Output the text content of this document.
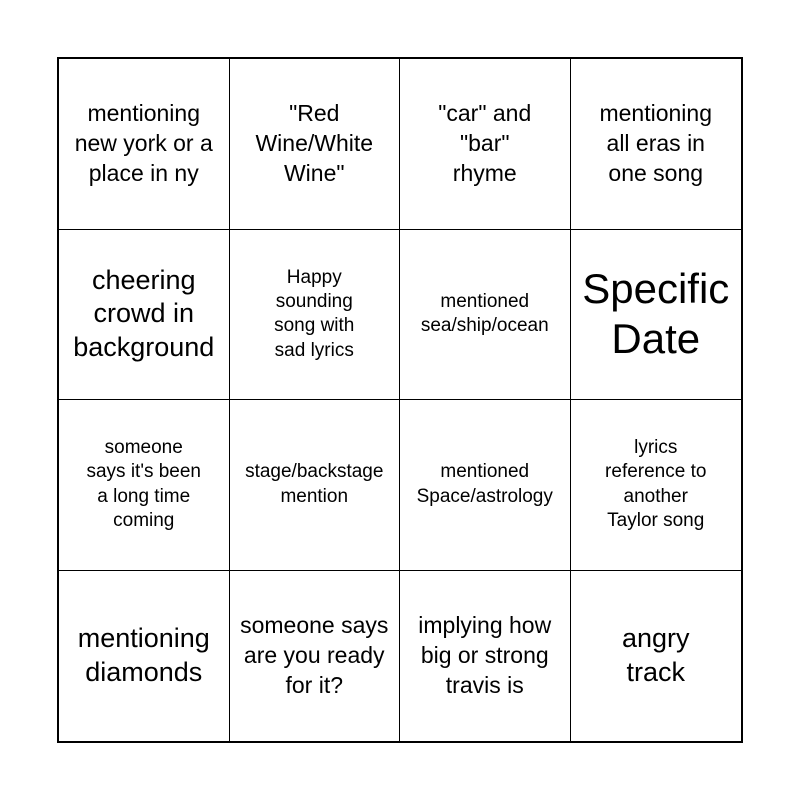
mentioning new york or a place in ny
"Red Wine/White Wine"
"car" and "bar" rhyme
mentioning all eras in one song
cheering crowd in background
Happy sounding song with sad lyrics
mentioned sea/ship/ocean
Specific Date
someone says it's been a long time coming
stage/backstage mention
mentioned Space/astrology
lyrics reference to another Taylor song
mentioning diamonds
someone says are you ready for it?
implying how big or strong travis is
angry track
